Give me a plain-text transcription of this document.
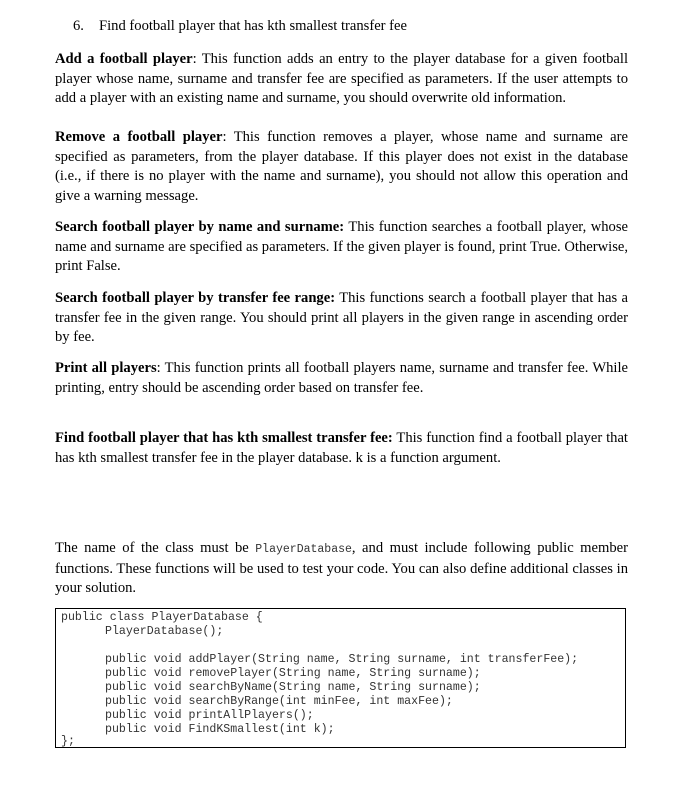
6. Find football player that has kth smallest transfer fee

Add a football player: This function adds an entry to the player database for a given football player whose name, surname and transfer fee are specified as parameters. If the user attempts to add a player with an existing name and surname, you should overwrite old information.

Remove a football player: This function removes a player, whose name and surname are specified as parameters, from the player database. If this player does not exist in the database (i.e., if there is no player with the name and surname), you should not allow this operation and give a warning message.

Search football player by name and surname: This function searches a football player, whose name and surname are specified as parameters. If the given player is found, print True. Otherwise, print False.

Search football player by transfer fee range: This functions search a football player that has a transfer fee in the given range. You should print all players in the given range in ascending order by fee.

Print all players: This function prints all football players name, surname and transfer fee. While printing, entry should be ascending order based on transfer fee.

Find football player that has kth smallest transfer fee: This function find a football player that has kth smallest transfer fee in the player database. k is a function argument.

The name of the class must be PlayerDatabase, and must include following public member functions. These functions will be used to test your code. You can also define additional classes in your solution.

public class PlayerDatabase {

PlayerDatabase();

public void addPlayer(String name, String surname, int transferFee);

public void removePlayer(String name, String surname);

public void searchByName(String name, String surname);

public void searchByRange(int minFee, int maxFee);

public void printAllPlayers();

public void FindKSmallest(int k);

};
